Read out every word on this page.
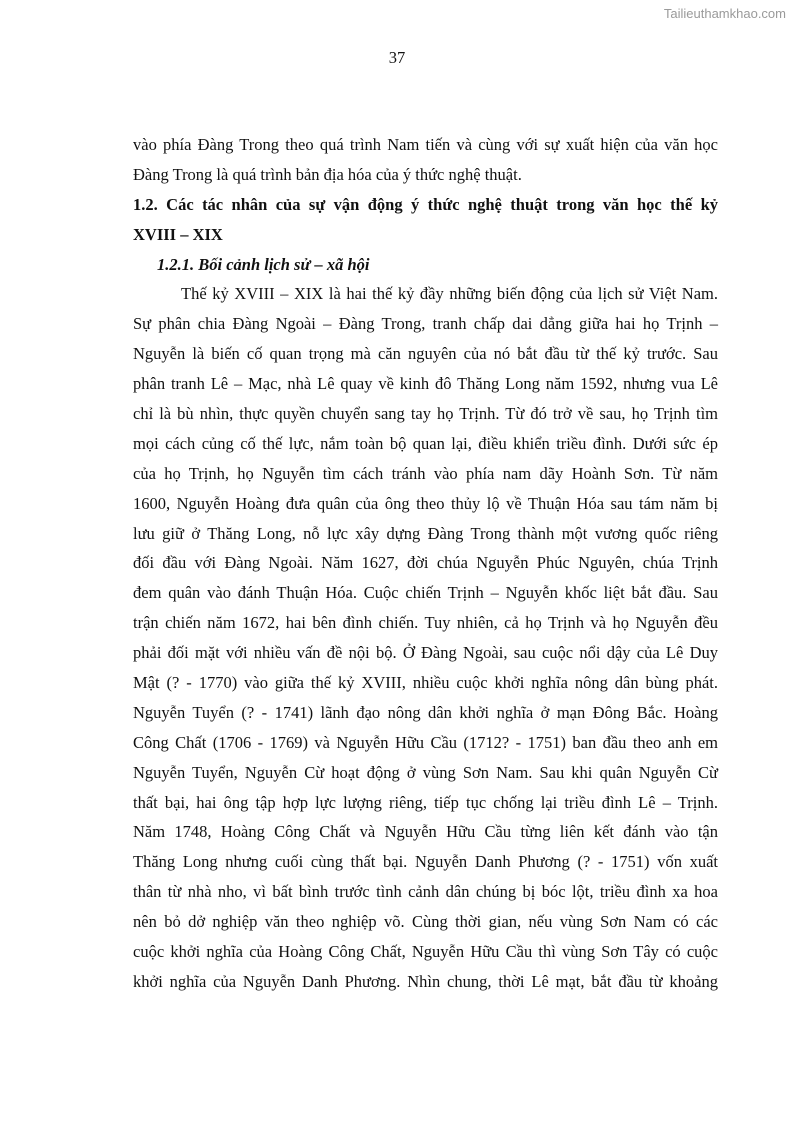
Tailieuthamkhao.com
37
vào phía Đàng Trong theo quá trình Nam tiến và cùng với sự xuất hiện của văn học
Đàng Trong là quá trình bản địa hóa của ý thức nghệ thuật.
1.2. Các tác nhân của sự vận động ý thức nghệ thuật trong văn học thế kỷ
XVIII – XIX
1.2.1. Bối cảnh lịch sử – xã hội
Thế kỷ XVIII – XIX là hai thế kỷ đầy những biến động của lịch sử Việt Nam.
Sự phân chia Đàng Ngoài – Đàng Trong, tranh chấp dai dẳng giữa hai họ Trịnh –
Nguyễn là biến cố quan trọng mà căn nguyên của nó bắt đầu từ thế kỷ trước. Sau
phân tranh Lê – Mạc, nhà Lê quay về kinh đô Thăng Long năm 1592, nhưng vua Lê
chỉ là bù nhìn, thực quyền chuyển sang tay họ Trịnh. Từ đó trở về sau, họ Trịnh tìm
mọi cách củng cố thế lực, nắm toàn bộ quan lại, điều khiển triều đình. Dưới sức ép
của họ Trịnh, họ Nguyễn tìm cách tránh vào phía nam dãy Hoành Sơn. Từ năm
1600, Nguyễn Hoàng đưa quân của ông theo thủy lộ về Thuận Hóa sau tám năm bị
lưu giữ ở Thăng Long, nỗ lực xây dựng Đàng Trong thành một vương quốc riêng
đối đầu với Đàng Ngoài. Năm 1627, đời chúa Nguyễn Phúc Nguyên, chúa Trịnh
đem quân vào đánh Thuận Hóa. Cuộc chiến Trịnh – Nguyễn khốc liệt bắt đầu. Sau
trận chiến năm 1672, hai bên đình chiến. Tuy nhiên, cả họ Trịnh và họ Nguyễn đều
phải đối mặt với nhiều vấn đề nội bộ. Ở Đàng Ngoài, sau cuộc nổi dậy của Lê Duy
Mật (? - 1770) vào giữa thế kỷ XVIII, nhiều cuộc khởi nghĩa nông dân bùng phát.
Nguyễn Tuyển (? - 1741) lãnh đạo nông dân khởi nghĩa ở mạn Đông Bắc. Hoàng
Công Chất (1706 - 1769) và Nguyễn Hữu Cầu (1712? - 1751) ban đầu theo anh em
Nguyễn Tuyển, Nguyễn Cừ hoạt động ở vùng Sơn Nam. Sau khi quân Nguyễn Cừ
thất bại, hai ông tập hợp lực lượng riêng, tiếp tục chống lại triều đình Lê – Trịnh.
Năm 1748, Hoàng Công Chất và Nguyễn Hữu Cầu từng liên kết đánh vào tận
Thăng Long nhưng cuối cùng thất bại. Nguyễn Danh Phương (? - 1751) vốn xuất
thân từ nhà nho, vì bất bình trước tình cảnh dân chúng bị bóc lột, triều đình xa hoa
nên bỏ dở nghiệp văn theo nghiệp võ. Cùng thời gian, nếu vùng Sơn Nam có các
cuộc khởi nghĩa của Hoàng Công Chất, Nguyễn Hữu Cầu thì vùng Sơn Tây có cuộc
khởi nghĩa của Nguyễn Danh Phương. Nhìn chung, thời Lê mạt, bắt đầu từ khoảng
